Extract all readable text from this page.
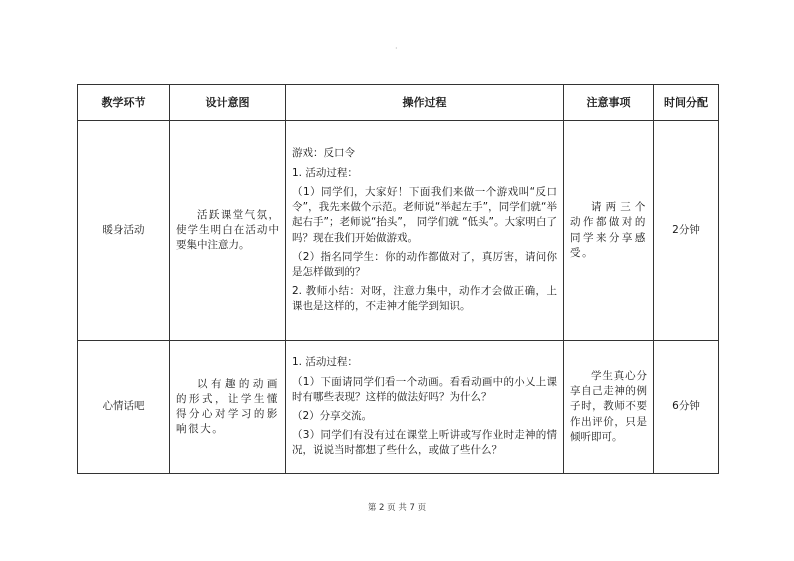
·
教学环节	设计意图	操作过程	注意事项	时间分配
暖身活动	活跃课堂气氛，使学生明白在活动中要集中注意力。	游戏：反口令

1. 活动过程：

（1）同学们，大家好！下面我们来做一个游戏叫“反口令”，我先来做个示范。老师说“举起左手”，同学们就“举起右手”；老师说“抬头”， 同学们就 “低头”。大家明白了吗？现在我们开始做游戏。

（2）指名同学生：你的动作都做对了，真厉害，请问你是怎样做到的？

2. 教师小结：对呀，注意力集中，动作才会做正确，上课也是这样的，不走神才能学到知识。	请两三个动作都做对的同学来分享感受。	2分钟
心情话吧	以有趣的动画的形式，让学生懂得分心对学习的影响很大。	1. 活动过程：

（1）下面请同学们看一个动画。看看动画中的小乂上课时有哪些表现？这样的做法好吗？为什么？

（2）分享交流。

（3）同学们有没有过在课堂上听讲或写作业时走神的情况，说说当时都想了些什么，或做了些什么？	学生真心分享自己走神的例子时，教师不要作出评价，只是倾听即可。	6分钟
第 2 页 共 7 页
